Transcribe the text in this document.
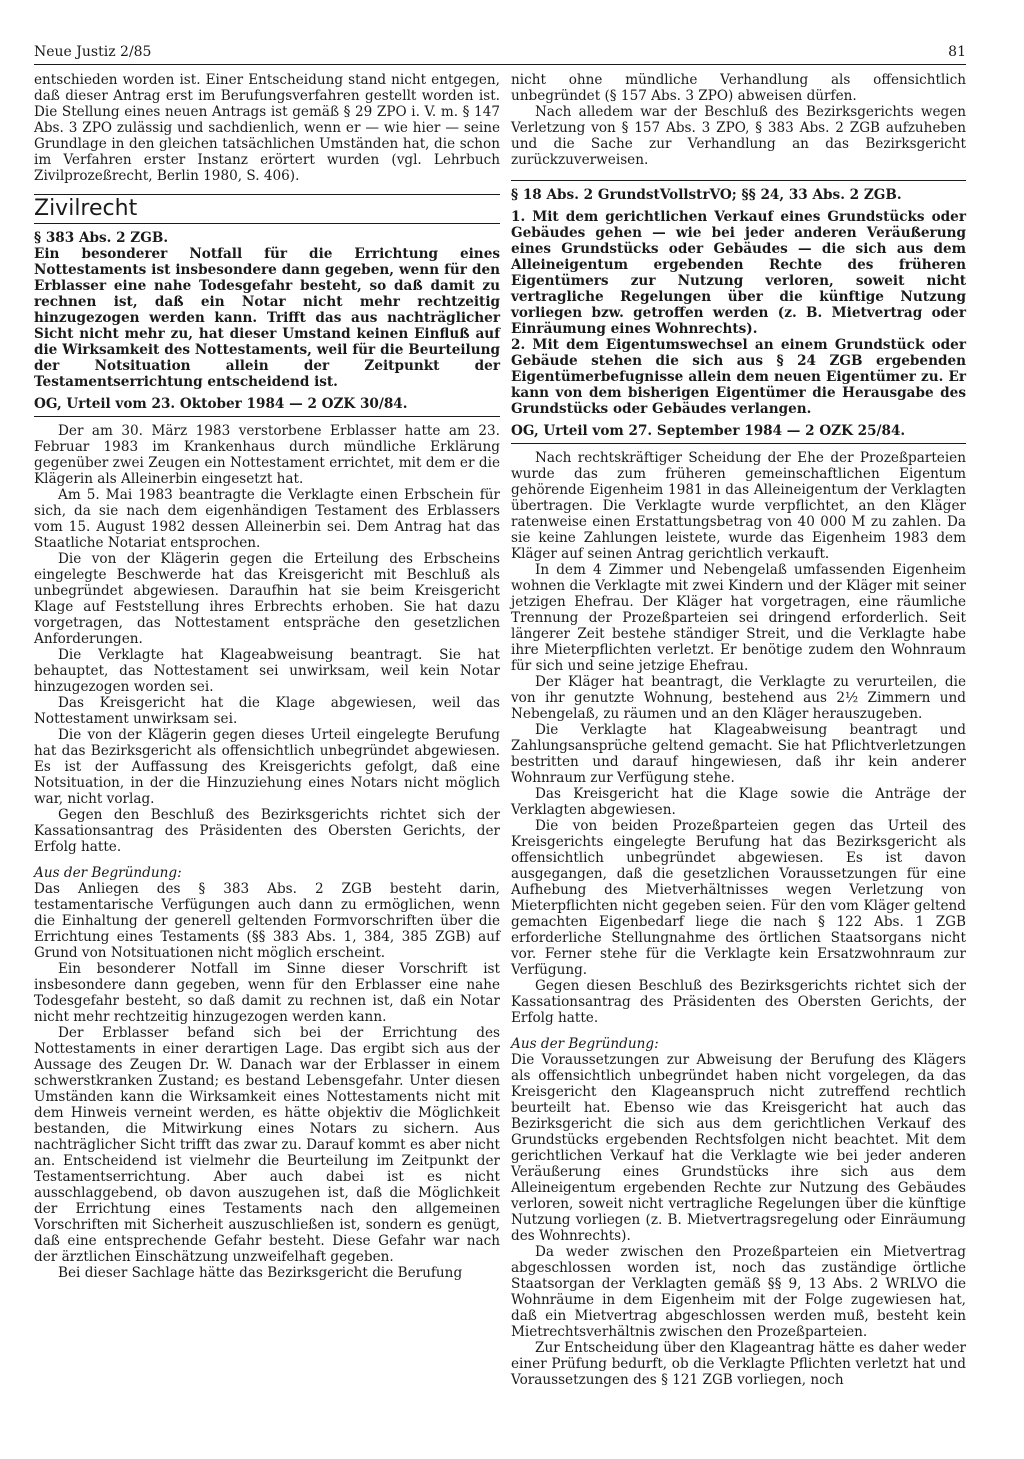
Neue Justiz 2/85	81

entschieden worden ist. Einer Entscheidung stand nicht entgegen, daß dieser Antrag erst im Berufungsverfahren gestellt worden ist. Die Stellung eines neuen Antrags ist gemäß § 29 ZPO i. V. m. § 147 Abs. 3 ZPO zulässig und sachdienlich, wenn er — wie hier — seine Grundlage in den gleichen tatsächlichen Umständen hat, die schon im Verfahren erster Instanz erörtert wurden (vgl. Lehrbuch Zivilprozeßrecht, Berlin 1980, S. 406).

Zivilrecht

§ 383 Abs. 2 ZGB.

Ein besonderer Notfall für die Errichtung eines Nottestaments ist insbesondere dann gegeben, wenn für den Erblasser eine nahe Todesgefahr besteht, so daß damit zu rechnen ist, daß ein Notar nicht mehr rechtzeitig hinzugezogen werden kann. Trifft das aus nachträglicher Sicht nicht mehr zu, hat dieser Umstand keinen Einfluß auf die Wirksamkeit des Nottestaments, weil für die Beurteilung der Notsituation allein der Zeitpunkt der Testamentserrichtung entscheidend ist.

OG, Urteil vom 23. Oktober 1984 — 2 OZK 30/84.

Der am 30. März 1983 verstorbene Erblasser hatte am 23. Februar 1983 im Krankenhaus durch mündliche Erklärung gegenüber zwei Zeugen ein Nottestament errichtet, mit dem er die Klägerin als Alleinerbin eingesetzt hat.

Am 5. Mai 1983 beantragte die Verklagte einen Erbschein für sich, da sie nach dem eigenhändigen Testament des Erblassers vom 15. August 1982 dessen Alleinerbin sei. Dem Antrag hat das Staatliche Notariat entsprochen.

Die von der Klägerin gegen die Erteilung des Erbscheins eingelegte Beschwerde hat das Kreisgericht mit Beschluß als unbegründet abgewiesen. Daraufhin hat sie beim Kreisgericht Klage auf Feststellung ihres Erbrechts erhoben. Sie hat dazu vorgetragen, das Nottestament entspräche den gesetzlichen Anforderungen.

Die Verklagte hat Klageabweisung beantragt. Sie hat behauptet, das Nottestament sei unwirksam, weil kein Notar hinzugezogen worden sei.

Das Kreisgericht hat die Klage abgewiesen, weil das Nottestament unwirksam sei.

Die von der Klägerin gegen dieses Urteil eingelegte Berufung hat das Bezirksgericht als offensichtlich unbegründet abgewiesen. Es ist der Auffassung des Kreisgerichts gefolgt, daß eine Notsituation, in der die Hinzuziehung eines Notars nicht möglich war, nicht vorlag.

Gegen den Beschluß des Bezirksgerichts richtet sich der Kassationsantrag des Präsidenten des Obersten Gerichts, der Erfolg hatte.

Aus der Begründung:

Das Anliegen des § 383 Abs. 2 ZGB besteht darin, testamentarische Verfügungen auch dann zu ermöglichen, wenn die Einhaltung der generell geltenden Formvorschriften über die Errichtung eines Testaments (§§ 383 Abs. 1, 384, 385 ZGB) auf Grund von Notsituationen nicht möglich erscheint.

Ein besonderer Notfall im Sinne dieser Vorschrift ist insbesondere dann gegeben, wenn für den Erblasser eine nahe Todesgefahr besteht, so daß damit zu rechnen ist, daß ein Notar nicht mehr rechtzeitig hinzugezogen werden kann.

Der Erblasser befand sich bei der Errichtung des Nottestaments in einer derartigen Lage. Das ergibt sich aus der Aussage des Zeugen Dr. W. Danach war der Erblasser in einem schwerstkranken Zustand; es bestand Lebensgefahr. Unter diesen Umständen kann die Wirksamkeit eines Nottestaments nicht mit dem Hinweis verneint werden, es hätte objektiv die Möglichkeit bestanden, die Mitwirkung eines Notars zu sichern. Aus nachträglicher Sicht trifft das zwar zu. Darauf kommt es aber nicht an. Entscheidend ist vielmehr die Beurteilung im Zeitpunkt der Testamentserrichtung. Aber auch dabei ist es nicht ausschlaggebend, ob davon auszugehen ist, daß die Möglichkeit der Errichtung eines Testaments nach den allgemeinen Vorschriften mit Sicherheit auszuschließen ist, sondern es genügt, daß eine entsprechende Gefahr besteht. Diese Gefahr war nach der ärztlichen Einschätzung unzweifelhaft gegeben.

Bei dieser Sachlage hätte das Bezirksgericht die Berufung

nicht ohne mündliche Verhandlung als offensichtlich unbegründet (§ 157 Abs. 3 ZPO) abweisen dürfen.

Nach alledem war der Beschluß des Bezirksgerichts wegen Verletzung von § 157 Abs. 3 ZPO, § 383 Abs. 2 ZGB aufzuheben und die Sache zur Verhandlung an das Bezirksgericht zurückzuverweisen.

§ 18 Abs. 2 GrundstVollstrVO; §§ 24, 33 Abs. 2 ZGB.

1. Mit dem gerichtlichen Verkauf eines Grundstücks oder Gebäudes gehen — wie bei jeder anderen Veräußerung eines Grundstücks oder Gebäudes — die sich aus dem Alleineigentum ergebenden Rechte des früheren Eigentümers zur Nutzung verloren, soweit nicht vertragliche Regelungen über die künftige Nutzung vorliegen bzw. getroffen werden (z. B. Mietvertrag oder Einräumung eines Wohnrechts).

2. Mit dem Eigentumswechsel an einem Grundstück oder Gebäude stehen die sich aus § 24 ZGB ergebenden Eigentümerbefugnisse allein dem neuen Eigentümer zu. Er kann von dem bisherigen Eigentümer die Herausgabe des Grundstücks oder Gebäudes verlangen.

OG, Urteil vom 27. September 1984 — 2 OZK 25/84.

Nach rechtskräftiger Scheidung der Ehe der Prozeßparteien wurde das zum früheren gemeinschaftlichen Eigentum gehörende Eigenheim 1981 in das Alleineigentum der Verklagten übertragen. Die Verklagte wurde verpflichtet, an den Kläger ratenweise einen Erstattungsbetrag von 40 000 M zu zahlen. Da sie keine Zahlungen leistete, wurde das Eigenheim 1983 dem Kläger auf seinen Antrag gerichtlich verkauft.

In dem 4 Zimmer und Nebengelaß umfassenden Eigenheim wohnen die Verklagte mit zwei Kindern und der Kläger mit seiner jetzigen Ehefrau. Der Kläger hat vorgetragen, eine räumliche Trennung der Prozeßparteien sei dringend erforderlich. Seit längerer Zeit bestehe ständiger Streit, und die Verklagte habe ihre Mieterpflichten verletzt. Er benötige zudem den Wohnraum für sich und seine jetzige Ehefrau.

Der Kläger hat beantragt, die Verklagte zu verurteilen, die von ihr genutzte Wohnung, bestehend aus 2½ Zimmern und Nebengelaß, zu räumen und an den Kläger herauszugeben.

Die Verklagte hat Klageabweisung beantragt und Zahlungsansprüche geltend gemacht. Sie hat Pflichtverletzungen bestritten und darauf hingewiesen, daß ihr kein anderer Wohnraum zur Verfügung stehe.

Das Kreisgericht hat die Klage sowie die Anträge der Verklagten abgewiesen.

Die von beiden Prozeßparteien gegen das Urteil des Kreisgerichts eingelegte Berufung hat das Bezirksgericht als offensichtlich unbegründet abgewiesen. Es ist davon ausgegangen, daß die gesetzlichen Voraussetzungen für eine Aufhebung des Mietverhältnisses wegen Verletzung von Mieterpflichten nicht gegeben seien. Für den vom Kläger geltend gemachten Eigenbedarf liege die nach § 122 Abs. 1 ZGB erforderliche Stellungnahme des örtlichen Staatsorgans nicht vor. Ferner stehe für die Verklagte kein Ersatzwohnraum zur Verfügung.

Gegen diesen Beschluß des Bezirksgerichts richtet sich der Kassationsantrag des Präsidenten des Obersten Gerichts, der Erfolg hatte.

Aus der Begründung:

Die Voraussetzungen zur Abweisung der Berufung des Klägers als offensichtlich unbegründet haben nicht vorgelegen, da das Kreisgericht den Klageanspruch nicht zutreffend rechtlich beurteilt hat. Ebenso wie das Kreisgericht hat auch das Bezirksgericht die sich aus dem gerichtlichen Verkauf des Grundstücks ergebenden Rechtsfolgen nicht beachtet. Mit dem gerichtlichen Verkauf hat die Verklagte wie bei jeder anderen Veräußerung eines Grundstücks ihre sich aus dem Alleineigentum ergebenden Rechte zur Nutzung des Gebäudes verloren, soweit nicht vertragliche Regelungen über die künftige Nutzung vorliegen (z. B. Mietvertragsregelung oder Einräumung des Wohnrechts).

Da weder zwischen den Prozeßparteien ein Mietvertrag abgeschlossen worden ist, noch das zuständige örtliche Staatsorgan der Verklagten gemäß §§ 9, 13 Abs. 2 WRLVO die Wohnräume in dem Eigenheim mit der Folge zugewiesen hat, daß ein Mietvertrag abgeschlossen werden muß, besteht kein Mietrechtsverhältnis zwischen den Prozeßparteien.

Zur Entscheidung über den Klageantrag hätte es daher weder einer Prüfung bedurft, ob die Verklagte Pflichten verletzt hat und Voraussetzungen des § 121 ZGB vorliegen, noch
